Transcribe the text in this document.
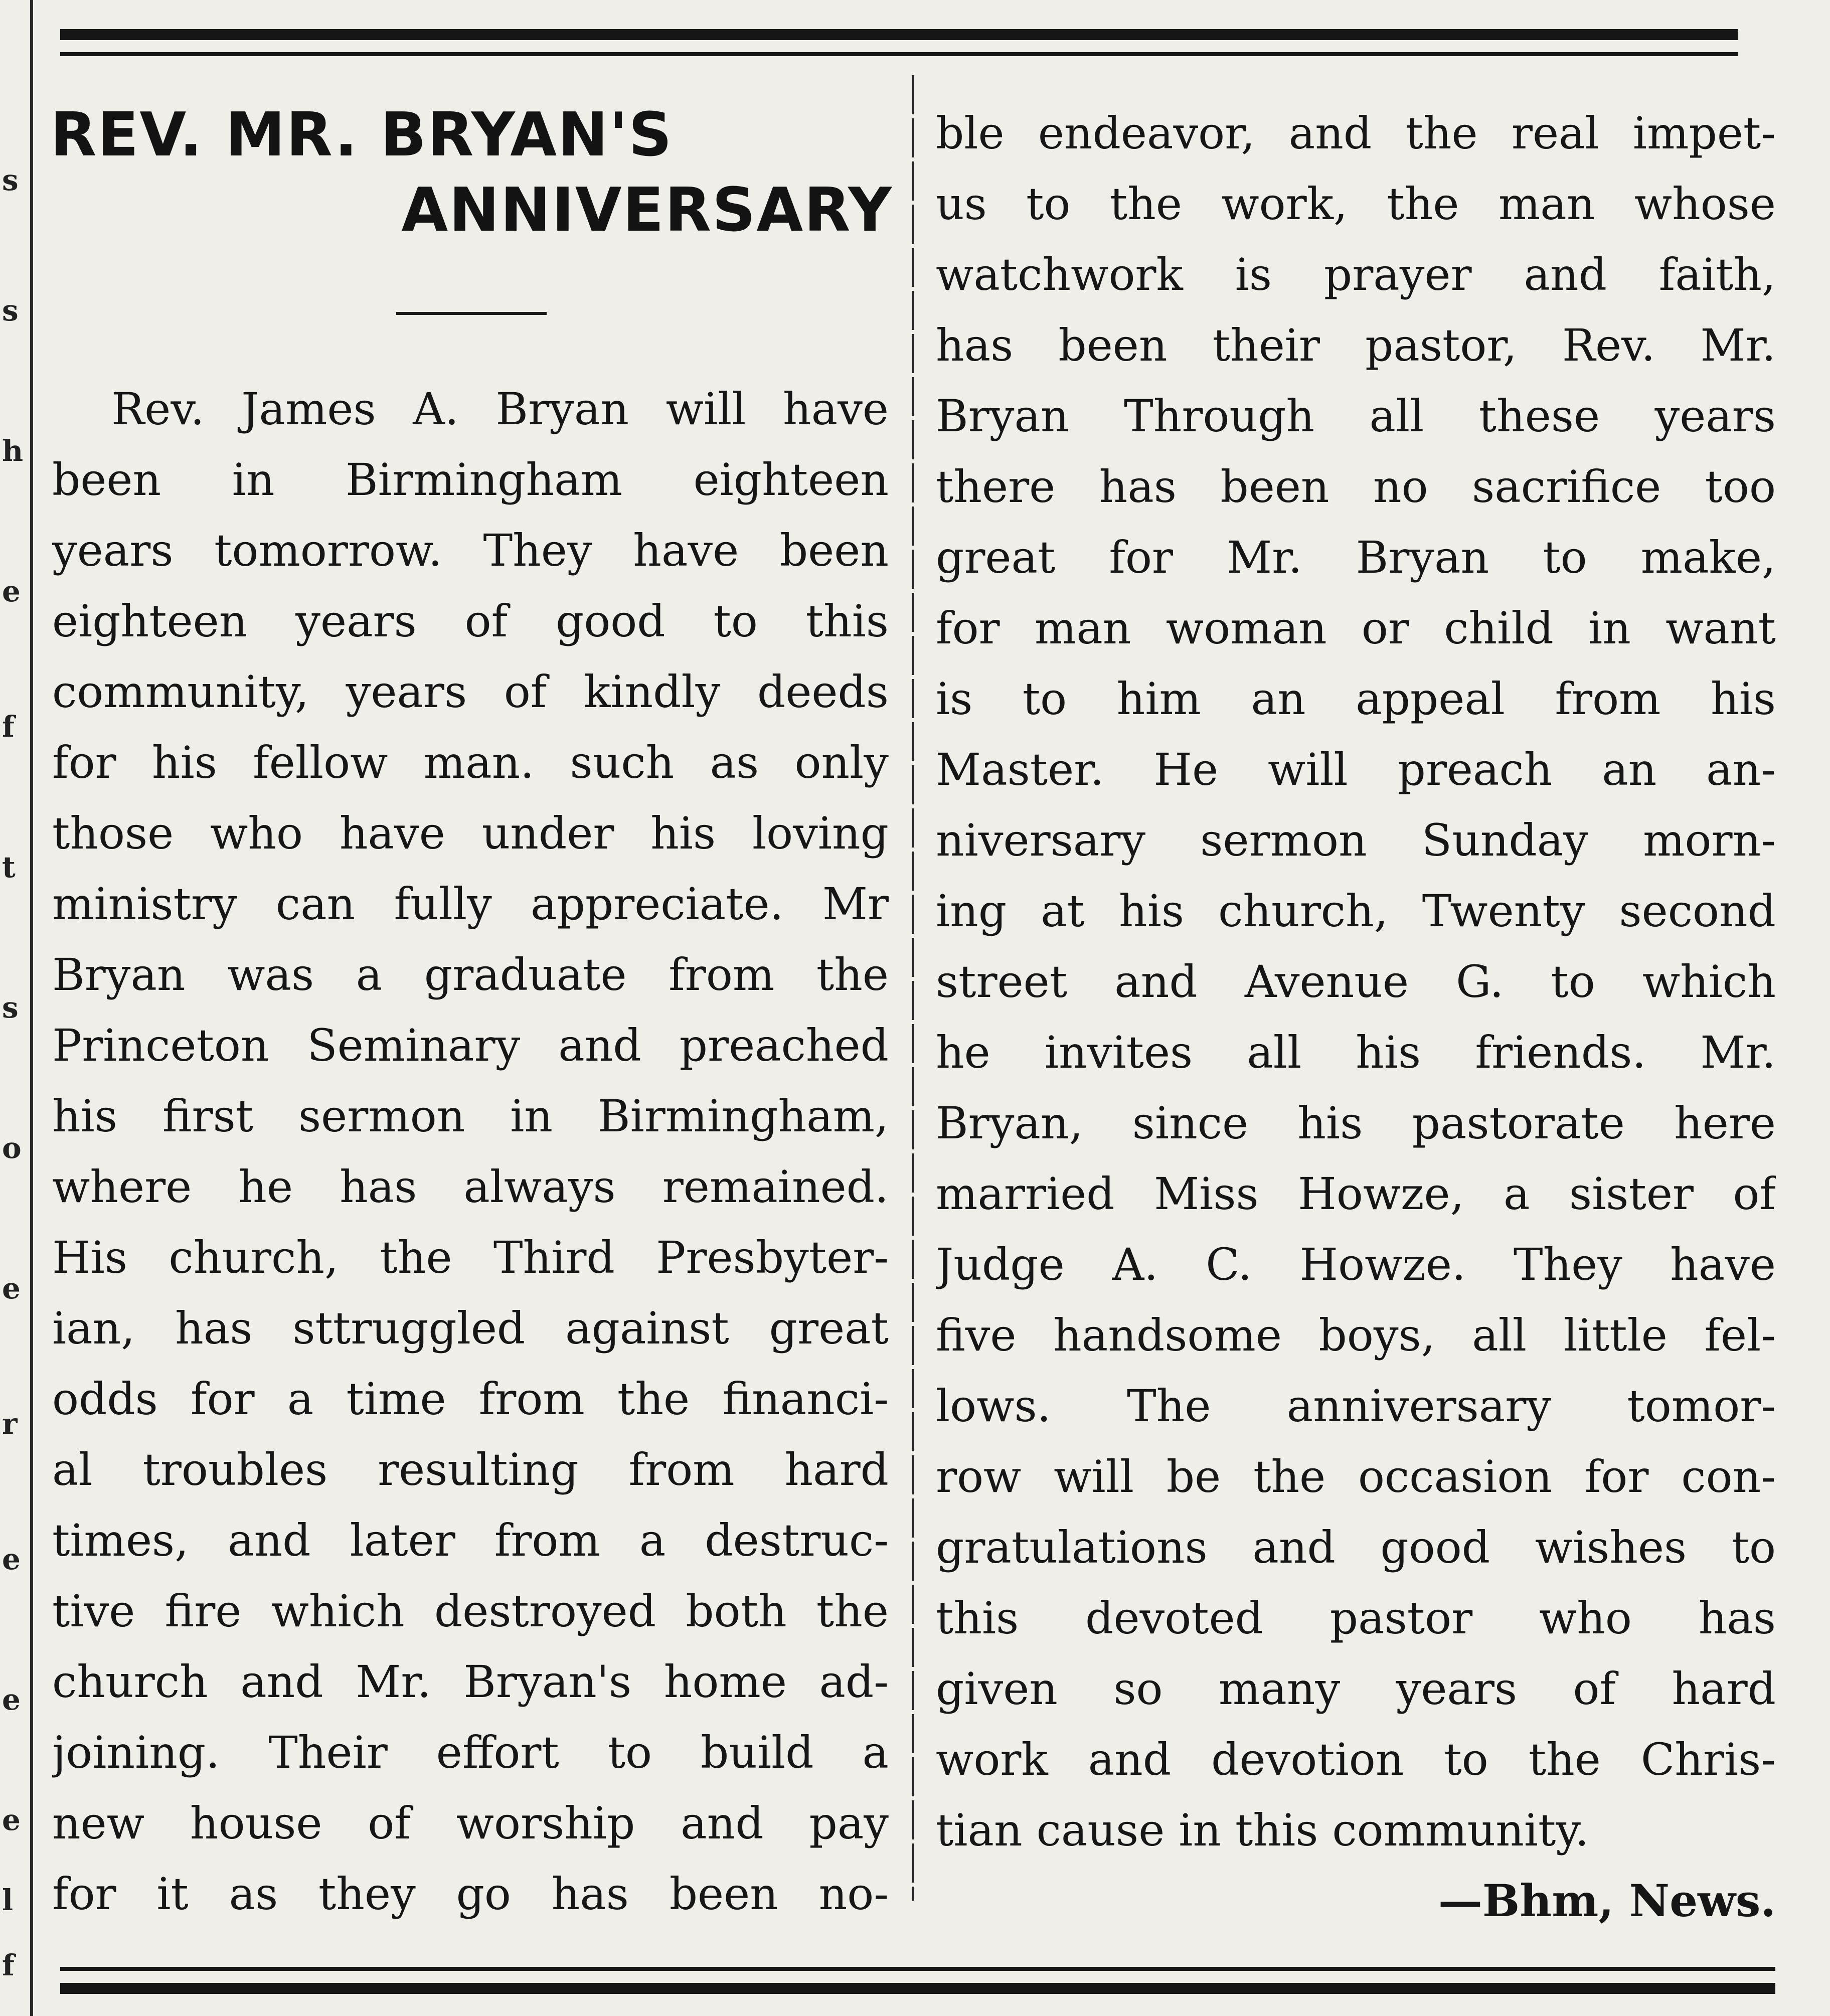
s
s
h
e
f
t
s
o
e
r
e
e
e
l
f
REV. MR. BRYAN'S
ANNIVERSARY
Rev. James A. Bryan will have
been in Birmingham eighteen
years tomorrow. They have been
eighteen years of good to this
community, years of kindly deeds
for his fellow man. such as only
those who have under his loving
ministry can fully appreciate. Mr
Bryan was a graduate from the
Princeton Seminary and preached
his first sermon in Birmingham,
where he has always remained.
His church, the Third Presbyter-
ian, has sttruggled against great
odds for a time from the financi-
al troubles resulting from hard
times, and later from a destruc-
tive fire which destroyed both the
church and Mr. Bryan's home ad-
joining. Their effort to build a
new house of worship and pay
for it as they go has been no-
ble endeavor, and the real impet-
us to the work, the man whose
watchwork is prayer and faith,
has been their pastor, Rev. Mr.
Bryan Through all these years
there has been no sacrifice too
great for Mr. Bryan to make,
for man woman or child in want
is to him an appeal from his
Master. He will preach an an-
niversary sermon Sunday morn-
ing at his church, Twenty second
street and Avenue G. to which
he invites all his friends. Mr.
Bryan, since his pastorate here
married Miss Howze, a sister of
Judge A. C. Howze. They have
five handsome boys, all little fel-
lows. The anniversary tomor-
row will be the occasion for con-
gratulations and good wishes to
this devoted pastor who has
given so many years of hard
work and devotion to the Chris-
tian cause in this community.
—Bhm, News.
